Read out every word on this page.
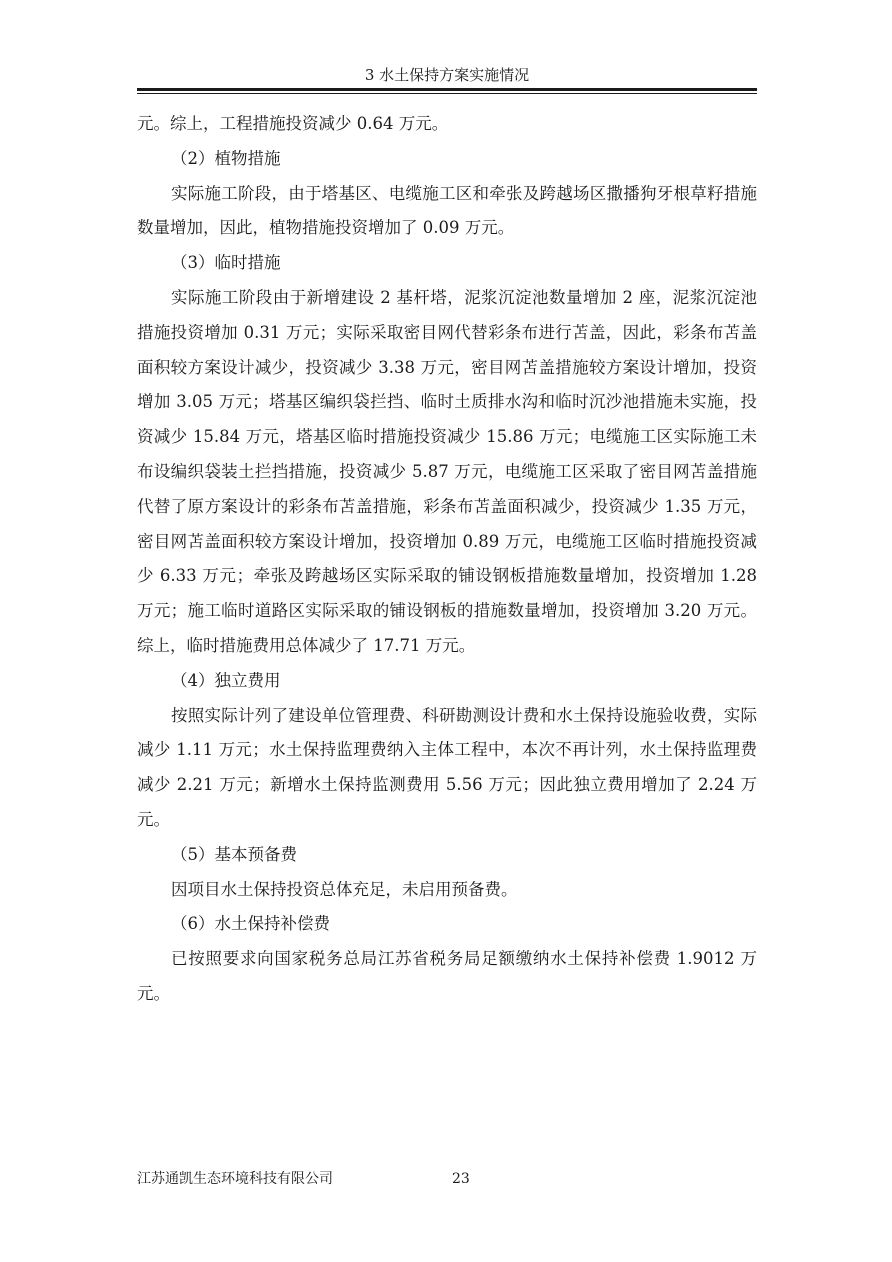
3 水土保持方案实施情况

元。综上，工程措施投资减少 0.64 万元。

（2）植物措施

实际施工阶段，由于塔基区、电缆施工区和牵张及跨越场区撒播狗牙根草籽措施数量增加，因此，植物措施投资增加了 0.09 万元。

（3）临时措施

实际施工阶段由于新增建设 2 基杆塔，泥浆沉淀池数量增加 2 座，泥浆沉淀池措施投资增加 0.31 万元；实际采取密目网代替彩条布进行苫盖，因此，彩条布苫盖面积较方案设计减少，投资减少 3.38 万元，密目网苫盖措施较方案设计增加，投资增加 3.05 万元；塔基区编织袋拦挡、临时土质排水沟和临时沉沙池措施未实施，投资减少 15.84 万元，塔基区临时措施投资减少 15.86 万元；电缆施工区实际施工未布设编织袋装土拦挡措施，投资减少 5.87 万元，电缆施工区采取了密目网苫盖措施代替了原方案设计的彩条布苫盖措施，彩条布苫盖面积减少，投资减少 1.35 万元，密目网苫盖面积较方案设计增加，投资增加 0.89 万元，电缆施工区临时措施投资减少 6.33 万元；牵张及跨越场区实际采取的铺设钢板措施数量增加，投资增加 1.28 万元；施工临时道路区实际采取的铺设钢板的措施数量增加，投资增加 3.20 万元。综上，临时措施费用总体减少了 17.71 万元。

（4）独立费用

按照实际计列了建设单位管理费、科研勘测设计费和水土保持设施验收费，实际减少 1.11 万元；水土保持监理费纳入主体工程中，本次不再计列，水土保持监理费减少 2.21 万元；新增水土保持监测费用 5.56 万元；因此独立费用增加了 2.24 万元。

（5）基本预备费

因项目水土保持投资总体充足，未启用预备费。

（6）水土保持补偿费

已按照要求向国家税务总局江苏省税务局足额缴纳水土保持补偿费 1.9012 万元。

江苏通凯生态环境科技有限公司	23
